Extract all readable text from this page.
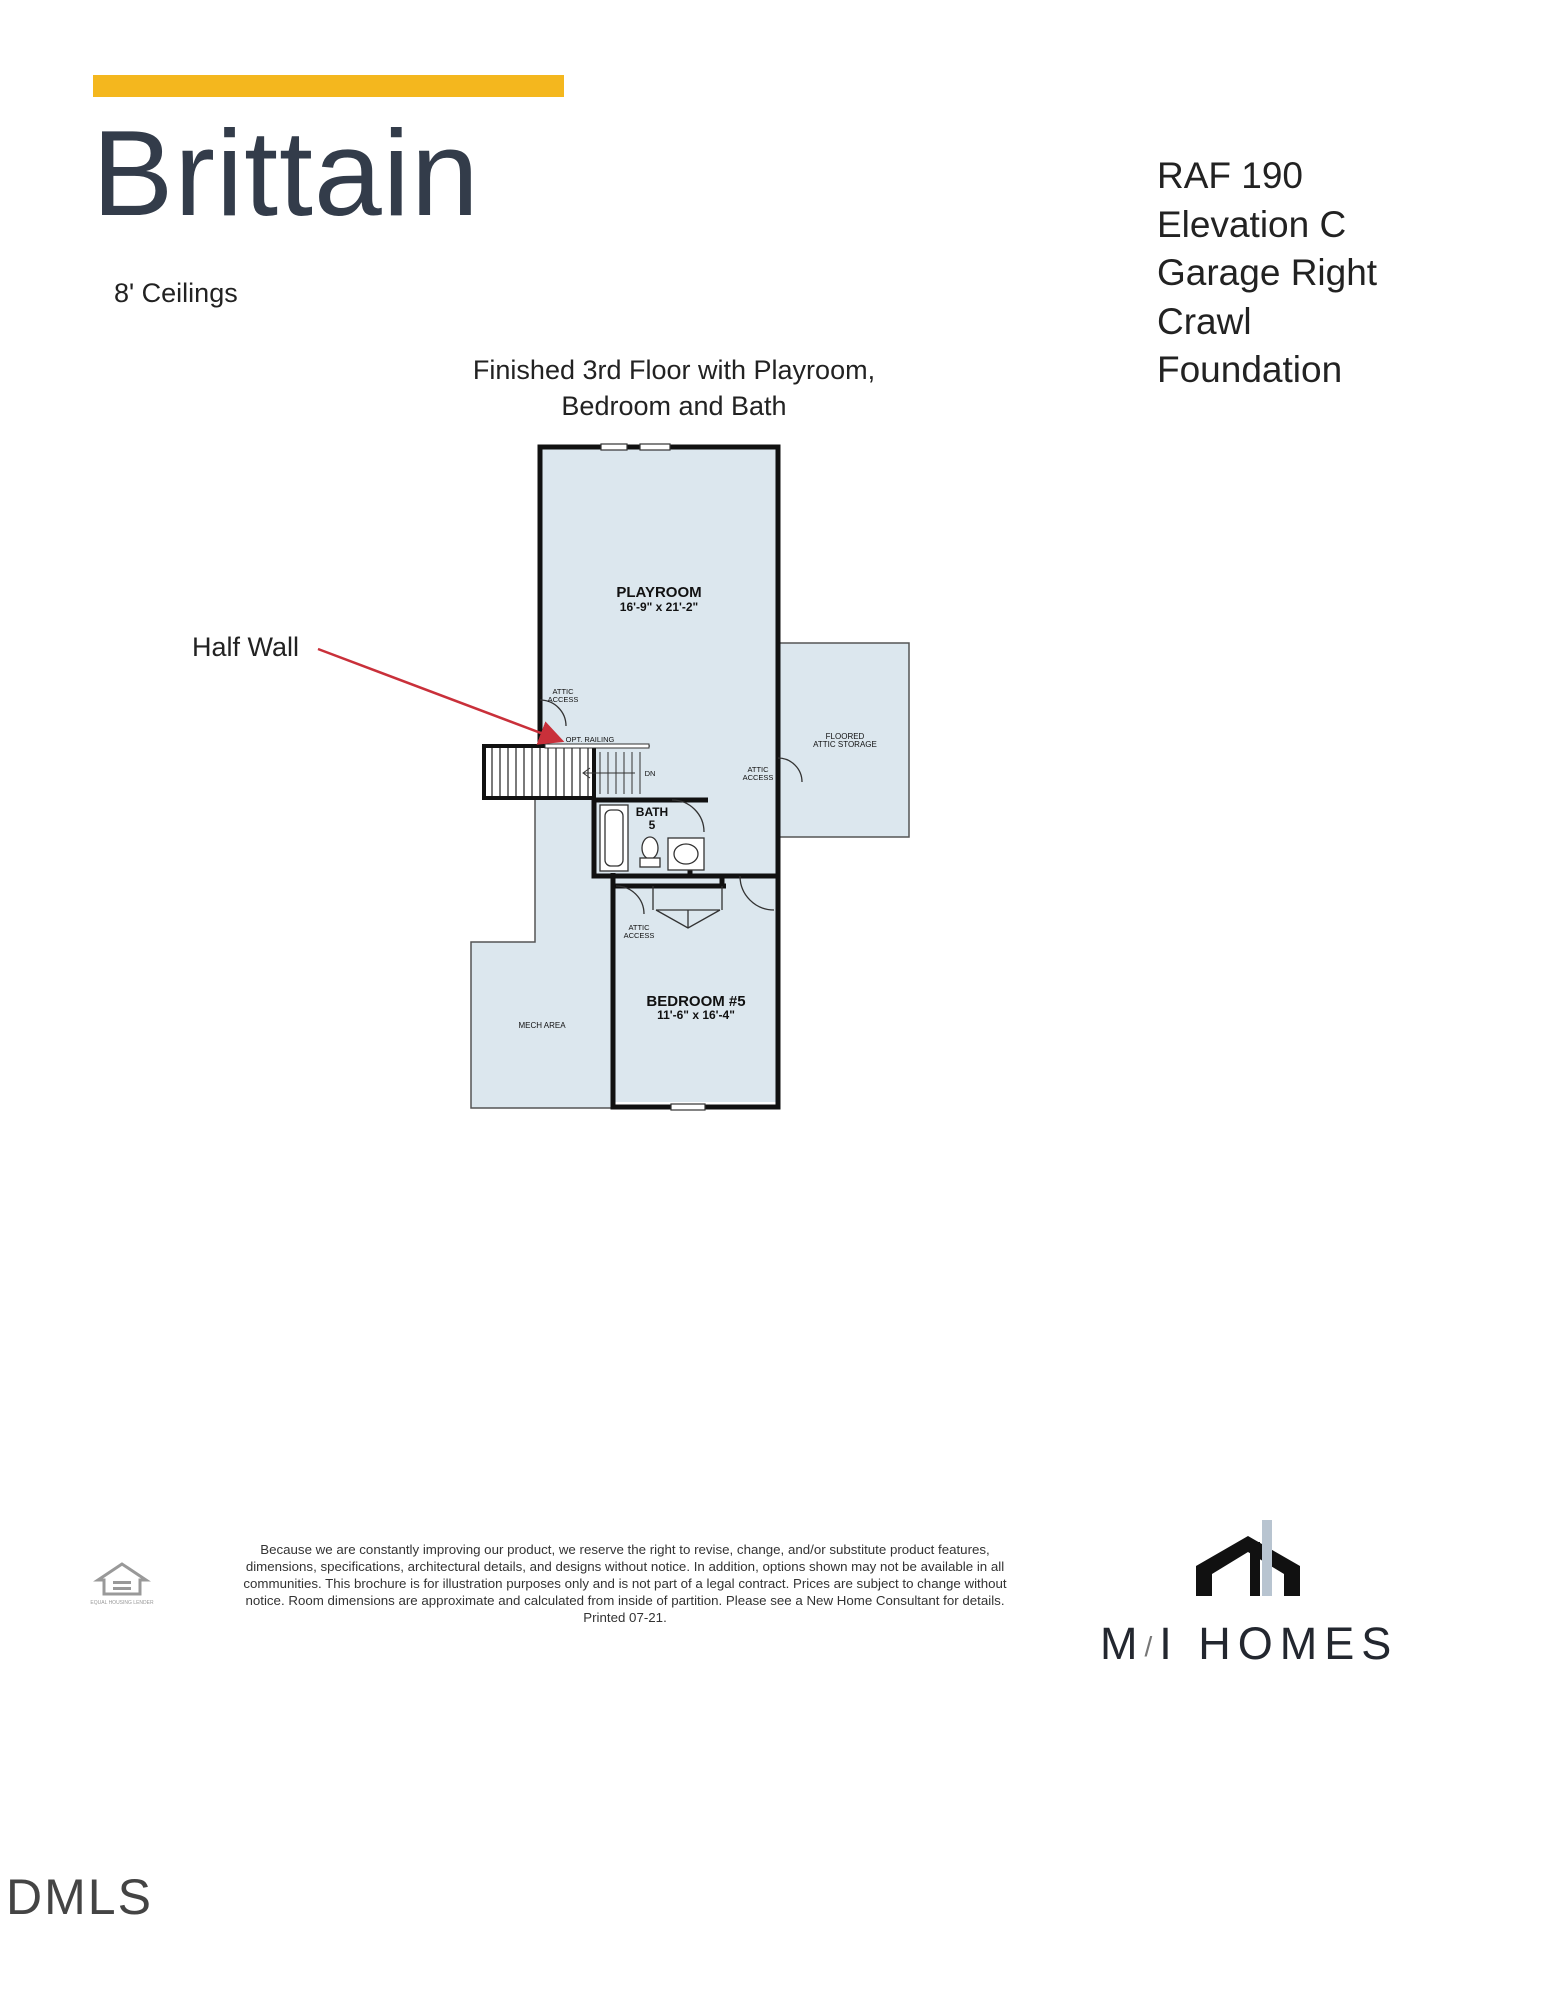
Brittain
8' Ceilings
RAF 190
Elevation C
Garage Right
Crawl
Foundation
Finished 3rd Floor with Playroom,
Bedroom and Bath
Half Wall
PLAYROOM
16'-9" x 21'-2"
BATH
5
BEDROOM #5
11'-6" x 16'-4"
FLOORED
ATTIC STORAGE
MECH AREA
ATTIC
ACCESS
ATTIC
ACCESS
ATTIC
ACCESS
OPT. RAILING
DN
EQUAL HOUSING LENDER
Because we are constantly improving our product, we reserve the right to revise, change, and/or substitute product features, dimensions, specifications, architectural details, and designs without notice. In addition, options shown may not be available in all communities. This brochure is for illustration purposes only and is not part of a legal contract. Prices are subject to change without notice. Room dimensions are approximate and calculated from inside of partition. Please see a New Home Consultant for details. Printed 07-21.
M/I HOMES
DMLS
